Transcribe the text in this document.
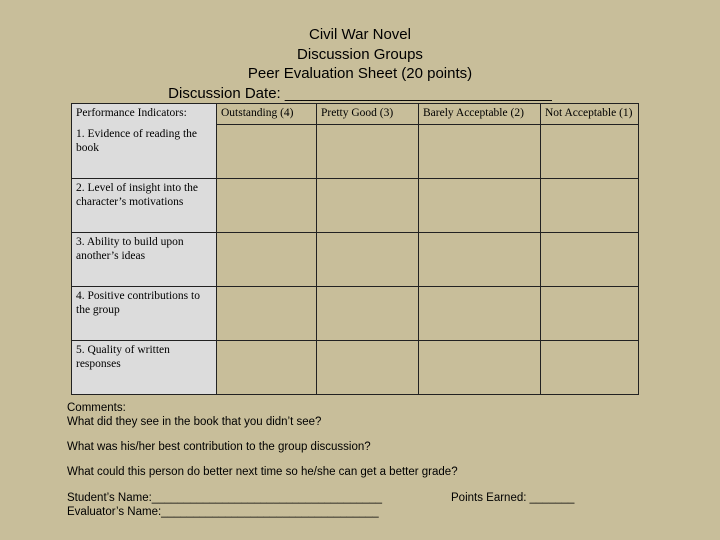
Civil War Novel
Discussion Groups
Peer Evaluation Sheet (20 points)
Discussion Date: ________________________________
Performance Indicators:	Outstanding (4)	Pretty Good (3)	Barely Acceptable (2)	Not Acceptable (1)
1. Evidence of reading the book				
2. Level of insight into the character’s motivations				
3. Ability to build upon another’s ideas				
4. Positive contributions to the group				
5. Quality of written responses				
Comments:
What did they see in the book that you didn’t see?
What was his/her best contribution to the group discussion?
What could this person do better next time so he/she can get a better grade?
Student’s Name:____________________________________	Points Earned: _______
Evaluator’s Name:__________________________________
